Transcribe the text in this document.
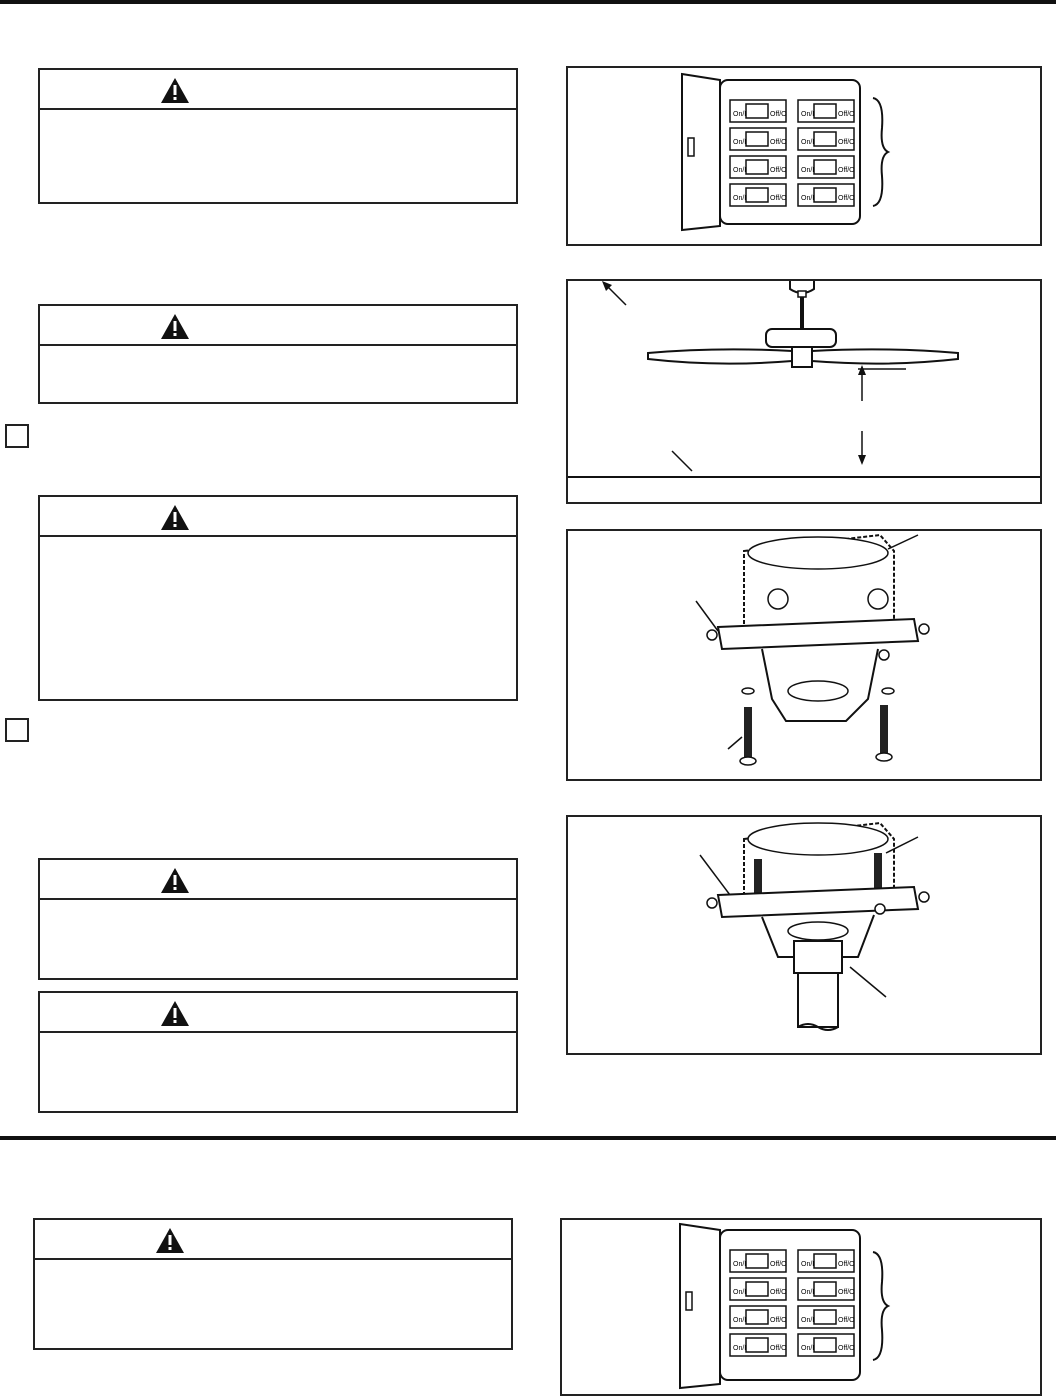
On/I	Off/O On/I	Off/O
On/I	Off/O On/I	Off/O
On/I	Off/O On/I	Off/O
On/I	Off/O On/I	Off/O
On/I	Off/O On/I	Off/O
On/I	Off/O On/I	Off/O
On/I	Off/O On/I	Off/O
On/I	Off/O On/I	Off/O
